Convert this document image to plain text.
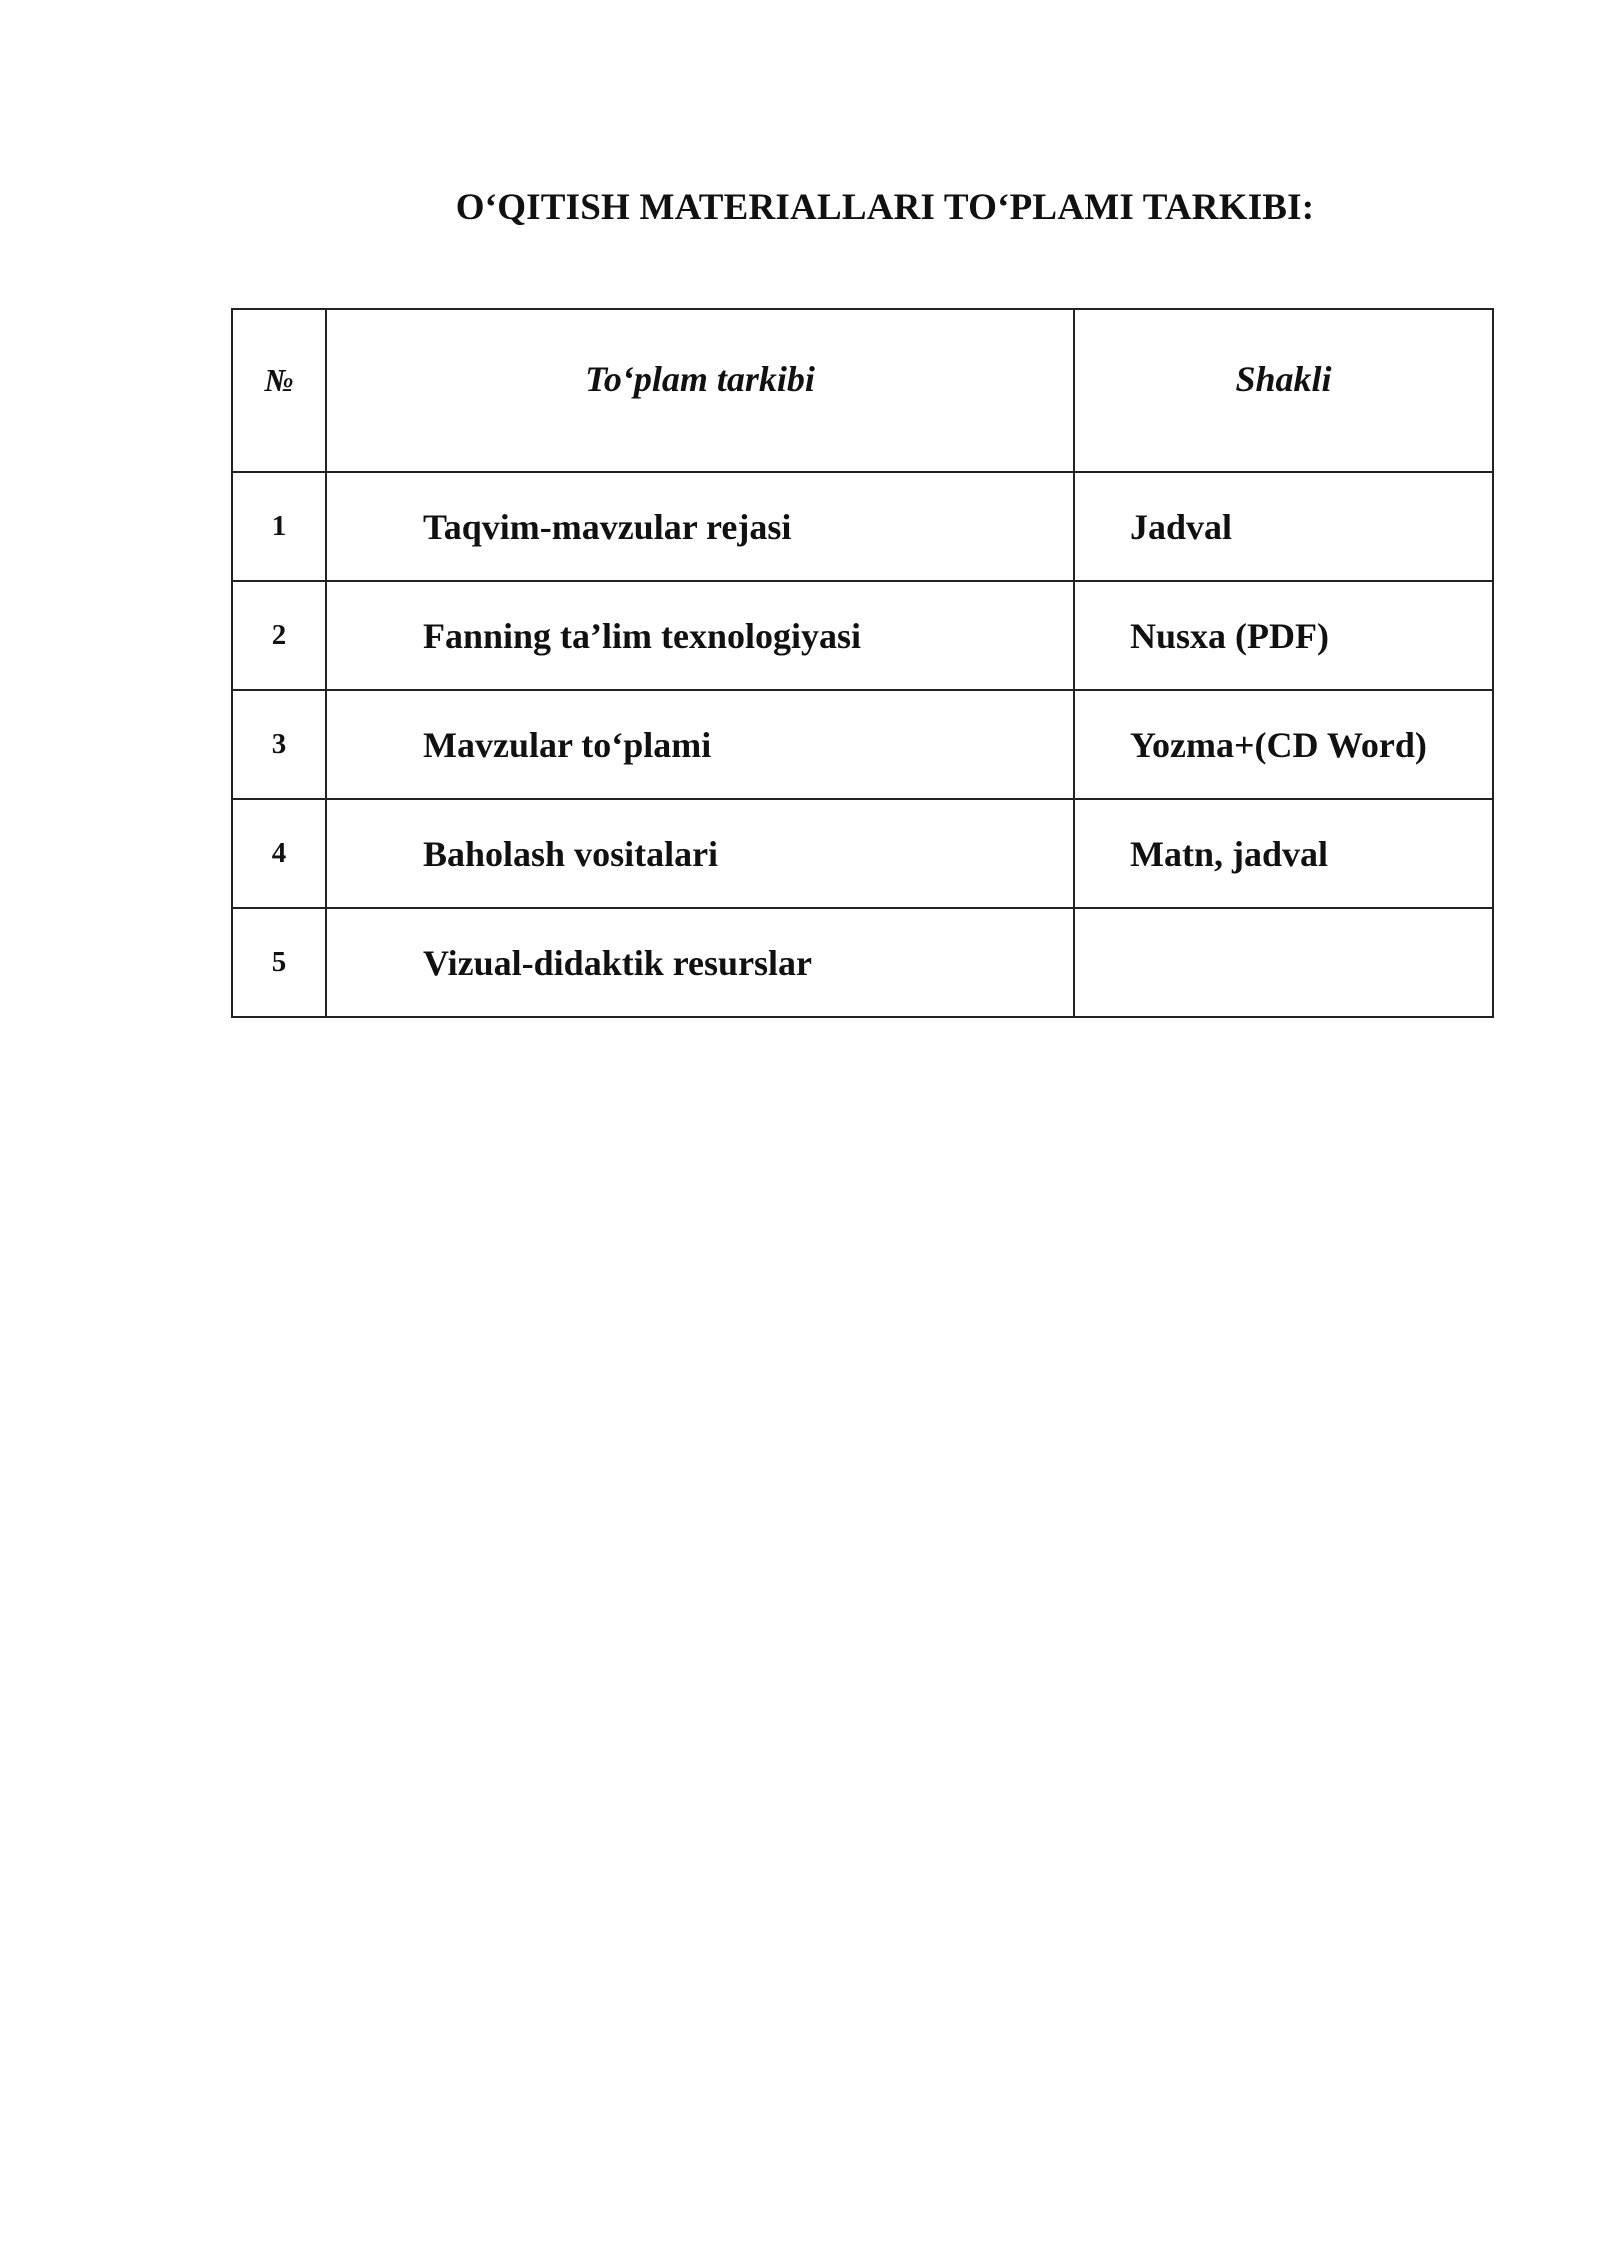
O‘QITISH MATERIALLARI TO‘PLAMI TARKIBI:
№	To‘plam tarkibi	Shakli
1	Taqvim-mavzular rejasi	Jadval
2	Fanning ta’lim texnologiyasi	Nusxa (PDF)
3	Mavzular to‘plami	Yozma+(CD Word)
4	Baholash vositalari	Matn, jadval
5	Vizual-didaktik resurslar	
